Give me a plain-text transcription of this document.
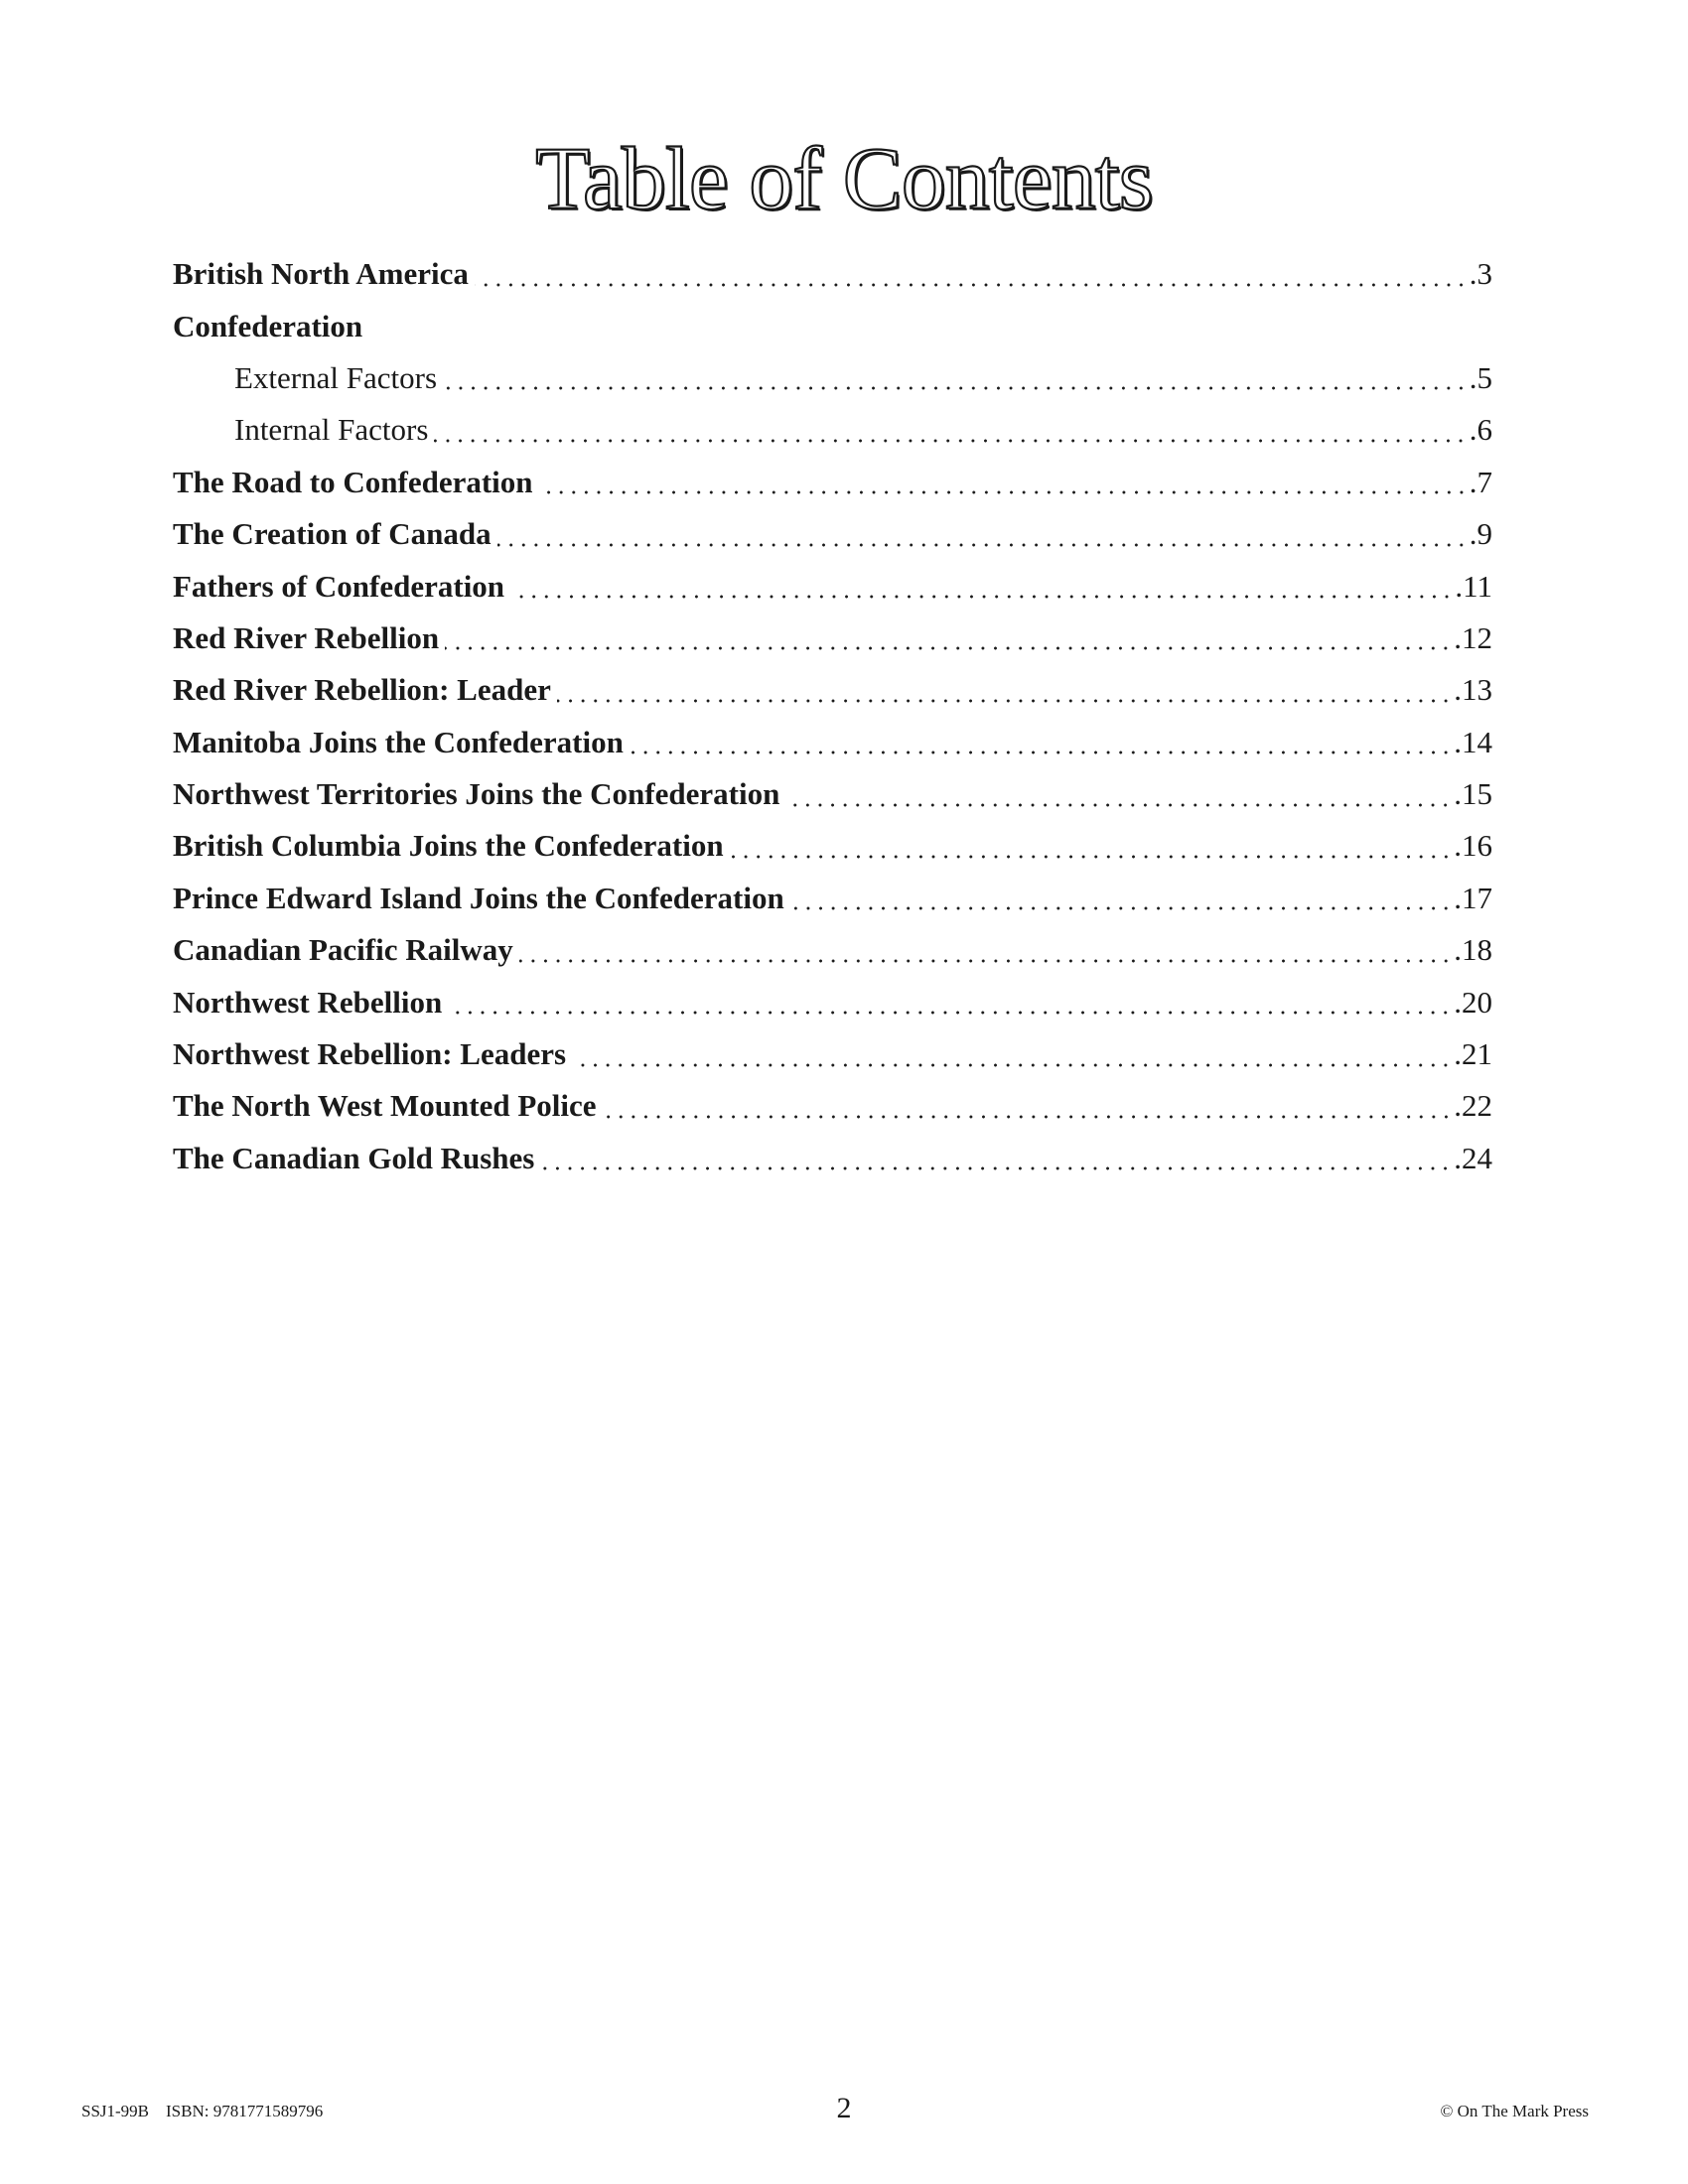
Table of Contents
British North America	.3
Confederation
External Factors	.5
Internal Factors	.6
The Road to Confederation	.7
The Creation of Canada	.9
Fathers of Confederation	.11
Red River Rebellion	.12
Red River Rebellion: Leader	.13
Manitoba Joins the Confederation	.14
Northwest Territories Joins the Confederation	.15
British Columbia Joins the Confederation	.16
Prince Edward Island Joins the Confederation	.17
Canadian Pacific Railway	.18
Northwest Rebellion	.20
Northwest Rebellion: Leaders	.21
The North West Mounted Police	.22
The Canadian Gold Rushes	.24
SSJ1-99B    ISBN: 9781771589796	2	© On The Mark Press
